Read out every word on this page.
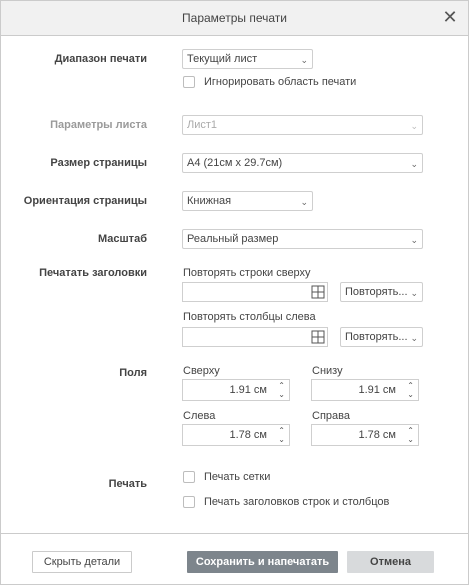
Параметры печати	✕
Диапазон печати	Текущий лист	⌄
Игнорировать область печати
Параметры листа	Лист1	⌄
Размер страницы	A4 (21см x 29.7см)	⌄
Ориентация страницы	Книжная	⌄
Масштаб	Реальный размер	⌄
Печатать заголовки	Повторять строки сверху
Повторять... ⌄
Повторять столбцы слева
Повторять... ⌄
Поля	Сверху
1.91 см ⌃
⌄
Снизу
1.91 см ⌃
⌄
Слева
1.78 см ⌃
⌄
Справа
1.78 см ⌃
⌄
Печать
Печать сетки
Печать заголовков строк и столбцов
Скрыть детали	Сохранить и напечатать	Отмена
